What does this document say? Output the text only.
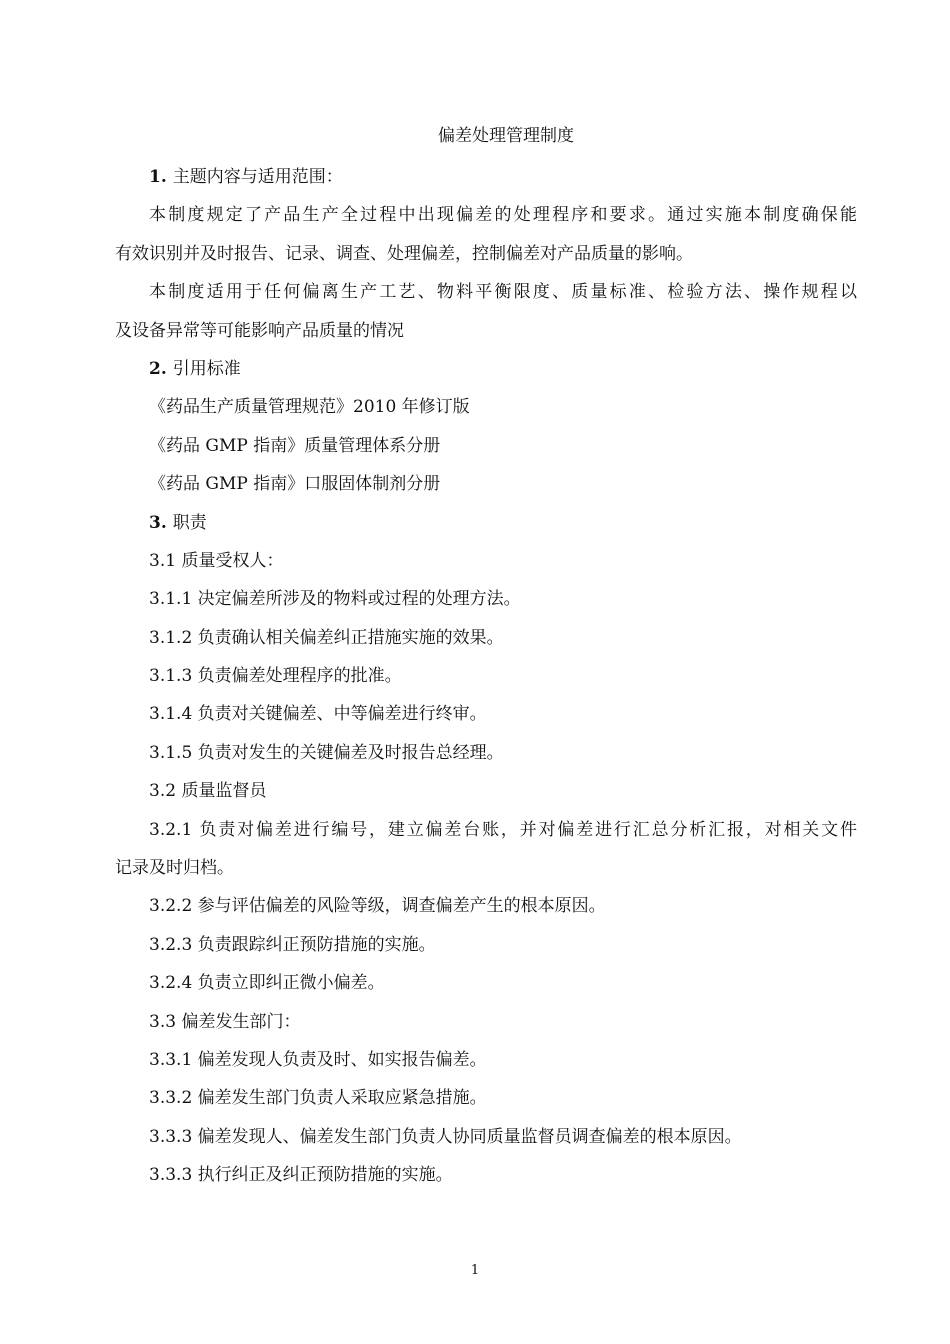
偏差处理管理制度
1. 主题内容与适用范围：
本制度规定了产品生产全过程中出现偏差的处理程序和要求。通过实施本制度确保能
有效识别并及时报告、记录、调查、处理偏差，控制偏差对产品质量的影响。
本制度适用于任何偏离生产工艺、物料平衡限度、质量标准、检验方法、操作规程以
及设备异常等可能影响产品质量的情况
2. 引用标准
《药品生产质量管理规范》2010 年修订版
《药品 GMP 指南》质量管理体系分册
《药品 GMP 指南》口服固体制剂分册
3. 职责
3.1 质量受权人：
3.1.1 决定偏差所涉及的物料或过程的处理方法。
3.1.2 负责确认相关偏差纠正措施实施的效果。
3.1.3 负责偏差处理程序的批准。
3.1.4 负责对关键偏差、中等偏差进行终审。
3.1.5 负责对发生的关键偏差及时报告总经理。
3.2 质量监督员
3.2.1 负责对偏差进行编号，建立偏差台账，并对偏差进行汇总分析汇报，对相关文件
记录及时归档。
3.2.2 参与评估偏差的风险等级，调查偏差产生的根本原因。
3.2.3 负责跟踪纠正预防措施的实施。
3.2.4 负责立即纠正微小偏差。
3.3 偏差发生部门：
3.3.1 偏差发现人负责及时、如实报告偏差。
3.3.2 偏差发生部门负责人采取应紧急措施。
3.3.3 偏差发现人、偏差发生部门负责人协同质量监督员调查偏差的根本原因。
3.3.3 执行纠正及纠正预防措施的实施。
1
